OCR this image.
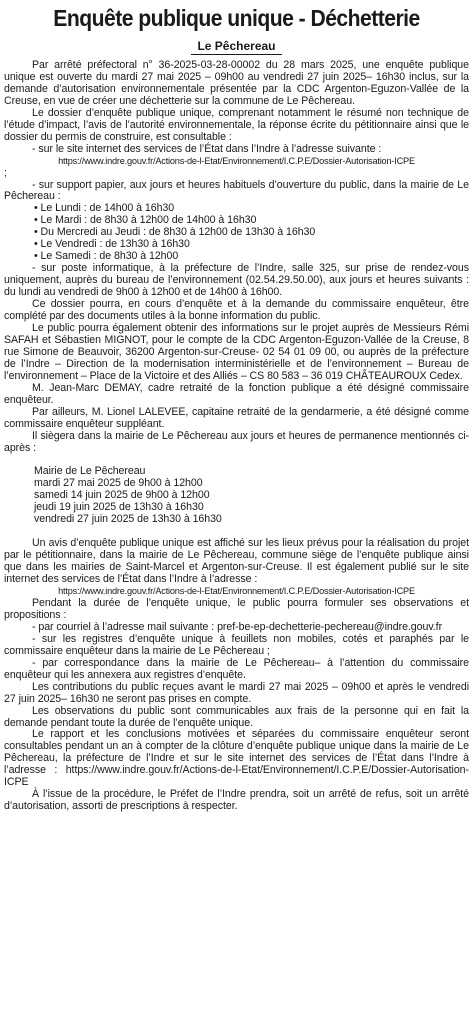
Enquête publique unique - Déchetterie
Le Pêchereau

Par arrêté préfectoral n° 36-2025-03-28-00002 du 28 mars 2025, une enquête publique unique est ouverte du mardi 27 mai 2025 – 09h00 au vendredi 27 juin 2025– 16h30 inclus, sur la demande d’autorisation environnementale présentée par la CDC Argenton-Eguzon-Vallée de la Creuse, en vue de créer une déchetterie sur la commune de Le Pêchereau.

Le dossier d’enquête publique unique, comprenant notamment le résumé non technique de l’étude d’impact, l’avis de l’autorité environnementale, la réponse écrite du pétitionnaire ainsi que le dossier du permis de construire, est consultable :

- sur le site internet des services de l’État dans l’Indre à l’adresse suivante :

https://www.indre.gouv.fr/Actions-de-l-Etat/Environnement/I.C.P.E/Dossier-Autorisation-ICPE

;

- sur support papier, aux jours et heures habituels d’ouverture du public, dans la mairie de Le Pêchereau :

• Le Lundi : de 14h00 à 16h30

• Le Mardi : de 8h30 à 12h00 de 14h00 à 16h30

• Du Mercredi au Jeudi : de 8h30 à 12h00 de 13h30 à 16h30

• Le Vendredi : de 13h30 à 16h30

• Le Samedi : de 8h30 à 12h00

- sur poste informatique, à la préfecture de l’Indre, salle 325, sur prise de rendez-vous uniquement, auprès du bureau de l’environnement (02.54.29.50.00), aux jours et heures suivants : du lundi au vendredi de 9h00 à 12h00 et de 14h00 à 16h00.

Ce dossier pourra, en cours d’enquête et à la demande du commissaire enquêteur, être complété par des documents utiles à la bonne information du public.

Le public pourra également obtenir des informations sur le projet auprès de Messieurs Rémi SAFAH et Sébastien MIGNOT, pour le compte de la CDC Argenton-Eguzon-Vallée de la Creuse, 8 rue Simone de Beauvoir, 36200 Argenton-sur-Creuse- 02 54 01 09 00, ou auprès de la préfecture de l’Indre – Direction de la modernisation interministérielle et de l’environnement – Bureau de l’environnement – Place de la Victoire et des Alliés – CS 80 583 – 36 019 CHÂTEAUROUX Cedex.

M. Jean-Marc DEMAY, cadre retraité de la fonction publique a été désigné commissaire enquêteur.

Par ailleurs, M. Lionel LALEVEE, capitaine retraité de la gendarmerie, a été désigné comme commissaire enquêteur suppléant.

Il siègera dans la mairie de Le Pêchereau aux jours et heures de permanence mentionnés ci-après :

Mairie de Le Pêchereau

mardi 27 mai 2025 de 9h00 à 12h00

samedi 14 juin 2025 de 9h00 à 12h00

jeudi 19 juin 2025 de 13h30 à 16h30

vendredi 27 juin 2025 de 13h30 à 16h30

Un avis d’enquête publique unique est affiché sur les lieux prévus pour la réalisation du projet par le pétitionnaire, dans la mairie de Le Pêchereau, commune siège de l’enquête publique ainsi que dans les mairies de Saint-Marcel et Argenton-sur-Creuse. Il est également publié sur le site internet des services de l’État dans l’Indre à l’adresse :

https://www.indre.gouv.fr/Actions-de-l-Etat/Environnement/I.C.P.E/Dossier-Autorisation-ICPE

Pendant la durée de l’enquête unique, le public pourra formuler ses observations et propositions :

- par courriel à l’adresse mail suivante : pref-be-ep-dechetterie-pechereau@indre.gouv.fr

- sur les registres d’enquête unique à feuillets non mobiles, cotés et paraphés par le commissaire enquêteur dans la mairie de Le Pêchereau ;

- par correspondance dans la mairie de Le Pêchereau– à l’attention du commissaire enquêteur qui les annexera aux registres d’enquête.

Les contributions du public reçues avant le mardi 27 mai 2025 – 09h00 et après le vendredi 27 juin 2025– 16h30 ne seront pas prises en compte.

Les observations du public sont communicables aux frais de la personne qui en fait la demande pendant toute la durée de l’enquête unique.

Le rapport et les conclusions motivées et séparées du commissaire enquêteur seront consultables pendant un an à compter de la clôture d’enquête publique unique dans la mairie de Le Pêchereau, la préfecture de l’Indre et sur le site internet des services de l’État dans l’Indre à l’adresse : https://www.indre.gouv.fr/Actions-de-l-Etat/Environnement/I.C.P.E/Dossier-Autorisation-ICPE

À l’issue de la procédure, le Préfet de l’Indre prendra, soit un arrêté de refus, soit un arrêté d’autorisation, assorti de prescriptions à respecter.
